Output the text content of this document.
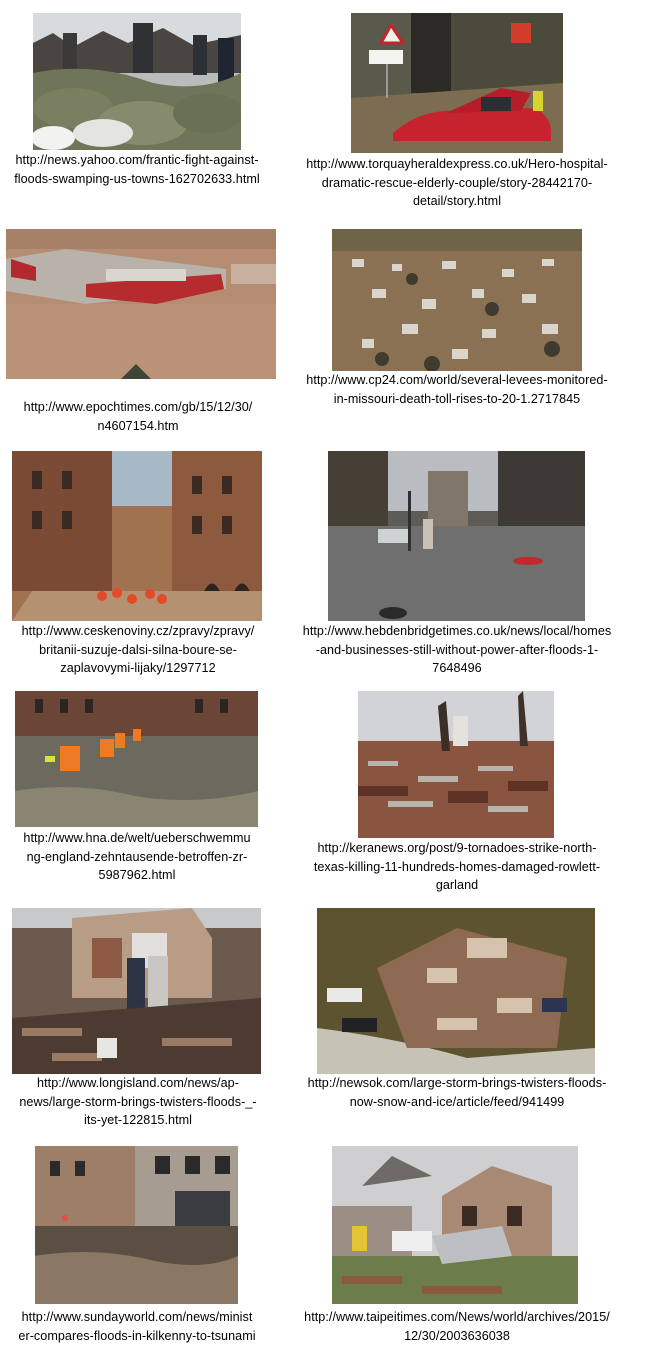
http://news.yahoo.com/frantic-fight-against-
floods-swamping-us-towns-162702633.html
http://www.torquayheraldexpress.co.uk/Hero-hospital-
dramatic-rescue-elderly-couple/story-28442170-
detail/story.html
http://www.epochtimes.com/gb/15/12/30/
n4607154.htm
http://www.cp24.com/world/several-levees-monitored-
in-missouri-death-toll-rises-to-20-1.2717845
http://www.ceskenoviny.cz/zpravy/zpravy/
britanii-suzuje-dalsi-silna-boure-se-
zaplavovymi-lijaky/1297712
http://www.hebdenbridgetimes.co.uk/news/local/homes
-and-businesses-still-without-power-after-floods-1-
7648496
http://www.hna.de/welt/ueberschwemmu
ng-england-zehntausende-betroffen-zr-
5987962.html
http://keranews.org/post/9-tornadoes-strike-north-
texas-killing-11-hundreds-homes-damaged-rowlett-
garland
http://www.longisland.com/news/ap-
news/large-storm-brings-twisters-floods-_-
its-yet-122815.html
http://newsok.com/large-storm-brings-twisters-floods-
now-snow-and-ice/article/feed/941499
http://www.sundayworld.com/news/minist
er-compares-floods-in-kilkenny-to-tsunami
http://www.taipeitimes.com/News/world/archives/2015/
12/30/2003636038
